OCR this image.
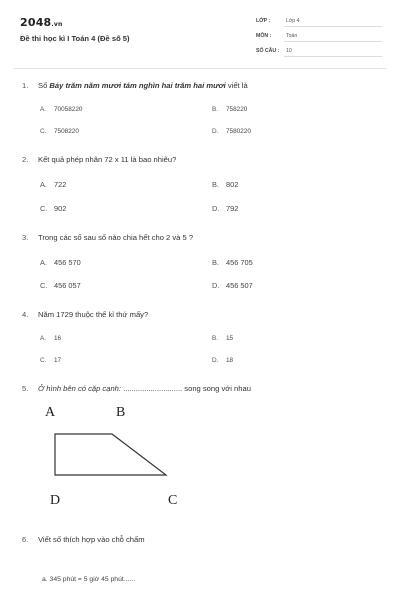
2048.vn
Đề thi học kì I Toán 4 (Đề số 5)
LỚP :	Lớp 4
MÔN :	Toán
SỐ CÂU : 10
1. Số Bảy trăm năm mươi tám nghìn hai trăm hai mươi viết là
A. 70058220	B. 758220
C. 7508220	D. 7580220
2. Kết quả phép nhân 72 x 11 là bao nhiêu?
A. 722	B. 802
C. 902	D. 792
3. Trong các số sau số nào chia hết cho 2 và 5 ?
A. 456 570	B. 456 705
C. 456 057	D. 456 507
4. Năm 1729 thuộc thế kỉ thứ mấy?
A. 16	B. 15
C. 17	D. 18
5. Ở hình bên có cặp cạnh: ............................ song song với nhau
A	B
D	C
6. Viết số thích hợp vào chỗ chấm
a. 345 phút = 5 giờ 45 phút......
